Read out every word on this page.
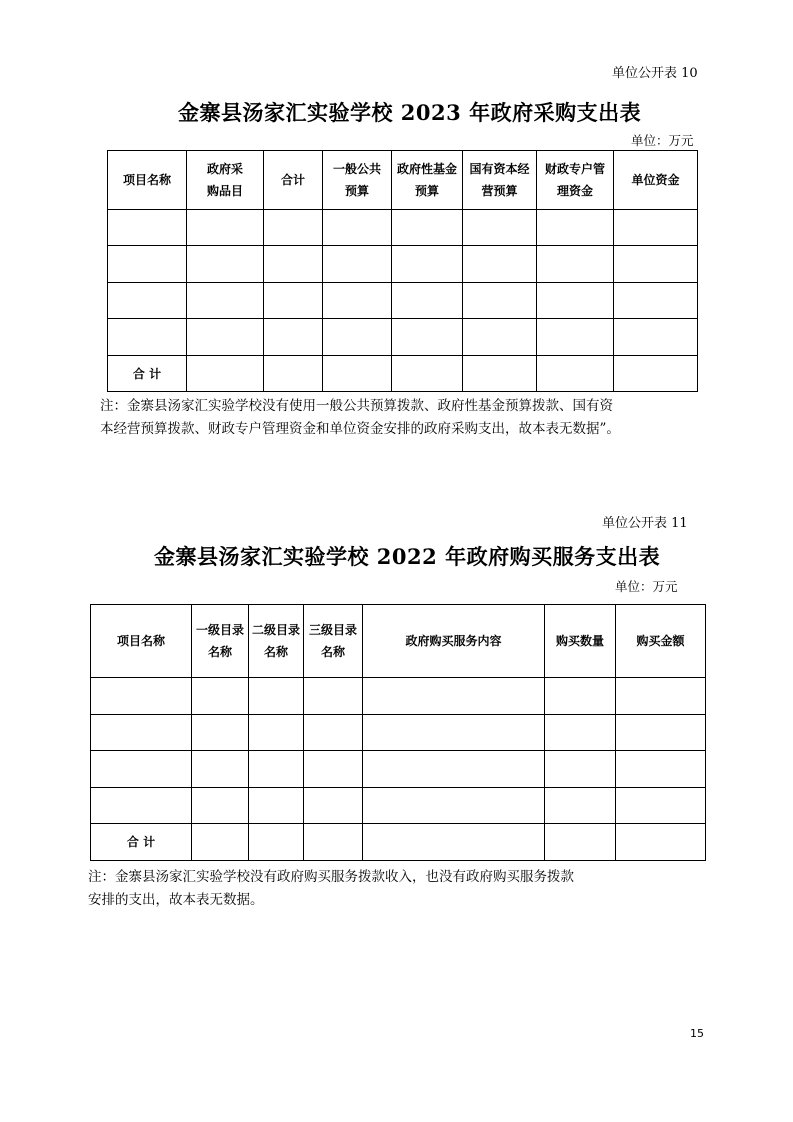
单位公开表 10
金寨县汤家汇实验学校 2023 年政府采购支出表
单位：万元
项目名称	政府采购品目	合计	一般公共预算	政府性基金预算	国有资本经营预算	财政专户管理资金	单位资金

合 计							
注：金寨县汤家汇实验学校没有使用一般公共预算拨款、政府性基金预算拨款、国有资
本经营预算拨款、财政专户管理资金和单位资金安排的政府采购支出，故本表无数据”。
单位公开表 11
金寨县汤家汇实验学校 2022 年政府购买服务支出表
单位：万元
项目名称	一级目录名称	二级目录名称	三级目录名称	政府购买服务内容	购买数量	购买金额

合 计						
注：金寨县汤家汇实验学校没有政府购买服务拨款收入，也没有政府购买服务拨款
安排的支出，故本表无数据。
15
